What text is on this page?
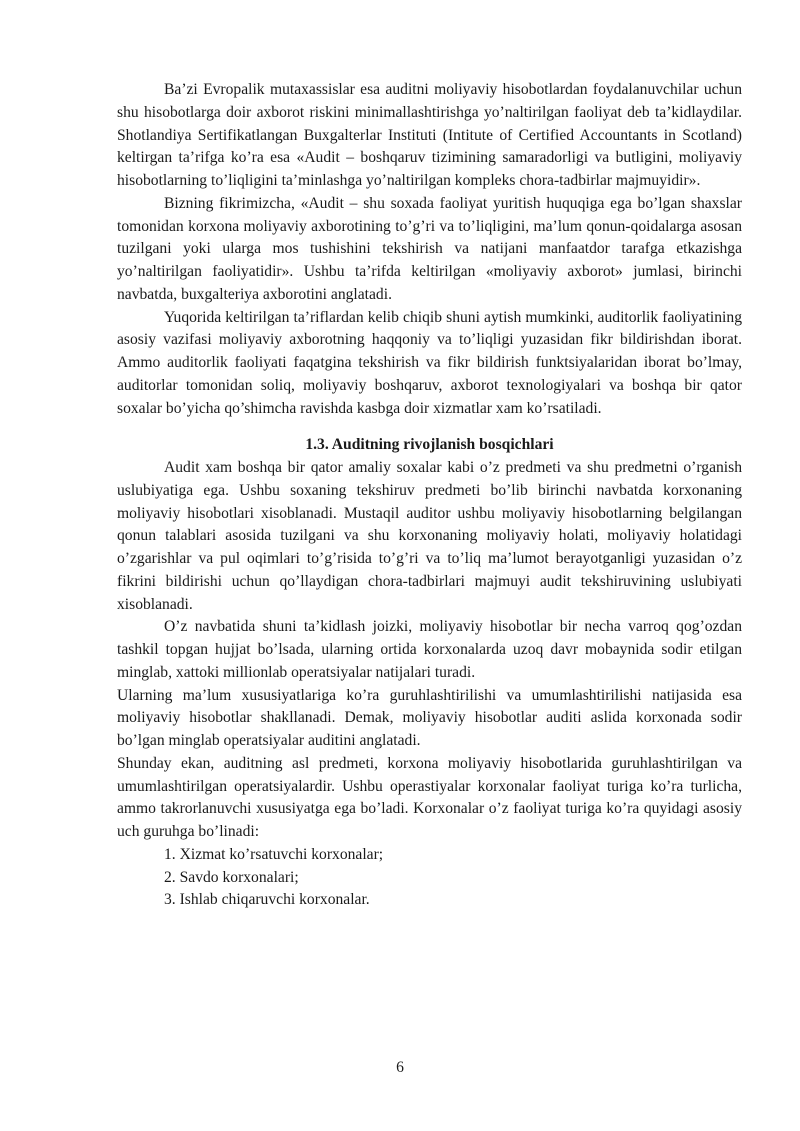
Ba’zi Evropalik mutaxassislar esa auditni moliyaviy hisobotlardan foydalanuvchilar uchun shu hisobotlarga doir axborot riskini minimallashtirishga yo’naltirilgan faoliyat deb ta’kidlaydilar. Shotlandiya Sertifikatlangan Buxgalterlar Instituti (Intitute of Certified Accountants in Scotland) keltirgan ta’rifga ko’ra esa «Audit – boshqaruv tizimining samaradorligi va butligini, moliyaviy hisobotlarning to’liqligini ta’minlashga yo’naltirilgan kompleks chora-tadbirlar majmuyidir».

Bizning fikrimizcha, «Audit – shu soxada faoliyat yuritish huquqiga ega bo’lgan shaxslar tomonidan korxona moliyaviy axborotining to’g’ri va to’liqligini, ma’lum qonun-qoidalarga asosan tuzilgani yoki ularga mos tushishini tekshirish va natijani manfaatdor tarafga etkazishga yo’naltirilgan faoliyatidir». Ushbu ta’rifda keltirilgan «moliyaviy axborot» jumlasi, birinchi navbatda, buxgalteriya axborotini anglatadi.

Yuqorida keltirilgan ta’riflardan kelib chiqib shuni aytish mumkinki, auditorlik faoliyatining asosiy vazifasi moliyaviy axborotning haqqoniy va to’liqligi yuzasidan fikr bildirishdan iborat. Ammo auditorlik faoliyati faqatgina tekshirish va fikr bildirish funktsiyalaridan iborat bo’lmay, auditorlar tomonidan soliq, moliyaviy boshqaruv, axborot texnologiyalari va boshqa bir qator soxalar bo’yicha qo’shimcha ravishda kasbga doir xizmatlar xam ko’rsatiladi.

1.3. Auditning rivojlanish bosqichlari

Audit xam boshqa bir qator amaliy soxalar kabi o’z predmeti va shu predmetni o’rganish uslubiyatiga ega. Ushbu soxaning tekshiruv predmeti bo’lib birinchi navbatda korxonaning moliyaviy hisobotlari xisoblanadi. Mustaqil auditor ushbu moliyaviy hisobotlarning belgilangan qonun talablari asosida tuzilgani va shu korxonaning moliyaviy holati, moliyaviy holatidagi o’zgarishlar va pul oqimlari to’g’risida to’g’ri va to’liq ma’lumot berayotganligi yuzasidan o’z fikrini bildirishi uchun qo’llaydigan chora-tadbirlari majmuyi audit tekshiruvining uslubiyati xisoblanadi.

O’z navbatida shuni ta’kidlash joizki, moliyaviy hisobotlar bir necha varroq qog’ozdan tashkil topgan hujjat bo’lsada, ularning ortida korxonalarda uzoq davr mobaynida sodir etilgan minglab, xattoki millionlab operatsiyalar natijalari turadi.

Ularning ma’lum xususiyatlariga ko’ra guruhlashtirilishi va umumlashtirilishi natijasida esa moliyaviy hisobotlar shakllanadi. Demak, moliyaviy hisobotlar auditi aslida korxonada sodir bo’lgan minglab operatsiyalar auditini anglatadi.

Shunday ekan, auditning asl predmeti, korxona moliyaviy hisobotlarida guruhlashtirilgan va umumlashtirilgan operatsiyalardir. Ushbu operastiyalar korxonalar faoliyat turiga ko’ra turlicha, ammo takrorlanuvchi xususiyatga ega bo’ladi. Korxonalar o’z faoliyat turiga ko’ra quyidagi asosiy uch guruhga bo’linadi:

1. Xizmat ko’rsatuvchi korxonalar;
2. Savdo korxonalari;
3. Ishlab chiqaruvchi korxonalar.
6
